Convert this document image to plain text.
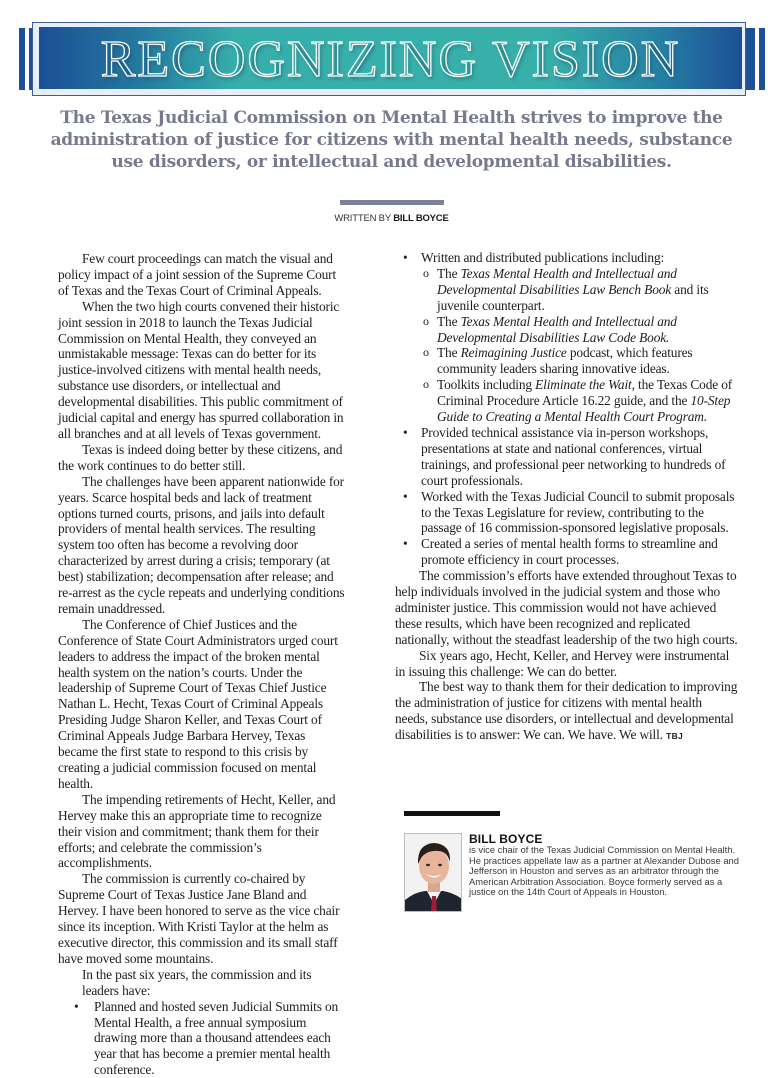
RECOGNIZING VISION
The Texas Judicial Commission on Mental Health strives to improve the administration of justice for citizens with mental health needs, substance use disorders, or intellectual and developmental disabilities.
WRITTEN BY BILL BOYCE

Few court proceedings can match the visual and policy impact of a joint session of the Supreme Court of Texas and the Texas Court of Criminal Appeals.

When the two high courts convened their historic joint session in 2018 to launch the Texas Judicial Commission on Mental Health, they conveyed an unmistakable message: Texas can do better for its justice-involved citizens with mental health needs, substance use disorders, or intellectual and developmental disabilities. This public commitment of judicial capital and energy has spurred collaboration in all branches and at all levels of Texas government.

Texas is indeed doing better by these citizens, and the work continues to do better still.

The challenges have been apparent nationwide for years. Scarce hospital beds and lack of treatment options turned courts, prisons, and jails into default providers of mental health services. The resulting system too often has become a revolving door characterized by arrest during a crisis; temporary (at best) stabilization; decompensation after release; and re-arrest as the cycle repeats and underlying conditions remain unaddressed.

The Conference of Chief Justices and the Conference of State Court Administrators urged court leaders to address the impact of the broken mental health system on the nation’s courts. Under the leadership of Supreme Court of Texas Chief Justice Nathan L. Hecht, Texas Court of Criminal Appeals Presiding Judge Sharon Keller, and Texas Court of Criminal Appeals Judge Barbara Hervey, Texas became the first state to respond to this crisis by creating a judicial commission focused on mental health.

The impending retirements of Hecht, Keller, and Hervey make this an appropriate time to recognize their vision and commitment; thank them for their efforts; and celebrate the commission’s accomplishments.

The commission is currently co-chaired by Supreme Court of Texas Justice Jane Bland and Hervey. I have been honored to serve as the vice chair since its inception. With Kristi Taylor at the helm as executive director, this commission and its small staff have moved some mountains.

In the past six years, the commission and its leaders have:

• Planned and hosted seven Judicial Summits on Mental Health, a free annual symposium drawing more than a thousand attendees each year that has become a premier mental health conference.
• Written and distributed publications including:
o The Texas Mental Health and Intellectual and Developmental Disabilities Law Bench Book and its juvenile counterpart.
o The Texas Mental Health and Intellectual and Developmental Disabilities Law Code Book.
o The Reimagining Justice podcast, which features community leaders sharing innovative ideas.
o Toolkits including Eliminate the Wait, the Texas Code of Criminal Procedure Article 16.22 guide, and the 10-Step Guide to Creating a Mental Health Court Program.
• Provided technical assistance via in-person workshops, presentations at state and national conferences, virtual trainings, and professional peer networking to hundreds of court professionals.
• Worked with the Texas Judicial Council to submit proposals to the Texas Legislature for review, contributing to the passage of 16 commission-sponsored legislative proposals.
• Created a series of mental health forms to streamline and promote efficiency in court processes.

The commission’s efforts have extended throughout Texas to help individuals involved in the judicial system and those who administer justice. This commission would not have achieved these results, which have been recognized and replicated nationally, without the steadfast leadership of the two high courts.

Six years ago, Hecht, Keller, and Hervey were instrumental in issuing this challenge: We can do better.

The best way to thank them for their dedication to improving the administration of justice for citizens with mental health needs, substance use disorders, or intellectual and developmental disabilities is to answer: We can. We have. We will. TBJ

BILL BOYCE
is vice chair of the Texas Judicial Commission on Mental Health. He practices appellate law as a partner at Alexander Dubose and Jefferson in Houston and serves as an arbitrator through the American Arbitration Association. Boyce formerly served as a justice on the 14th Court of Appeals in Houston.
